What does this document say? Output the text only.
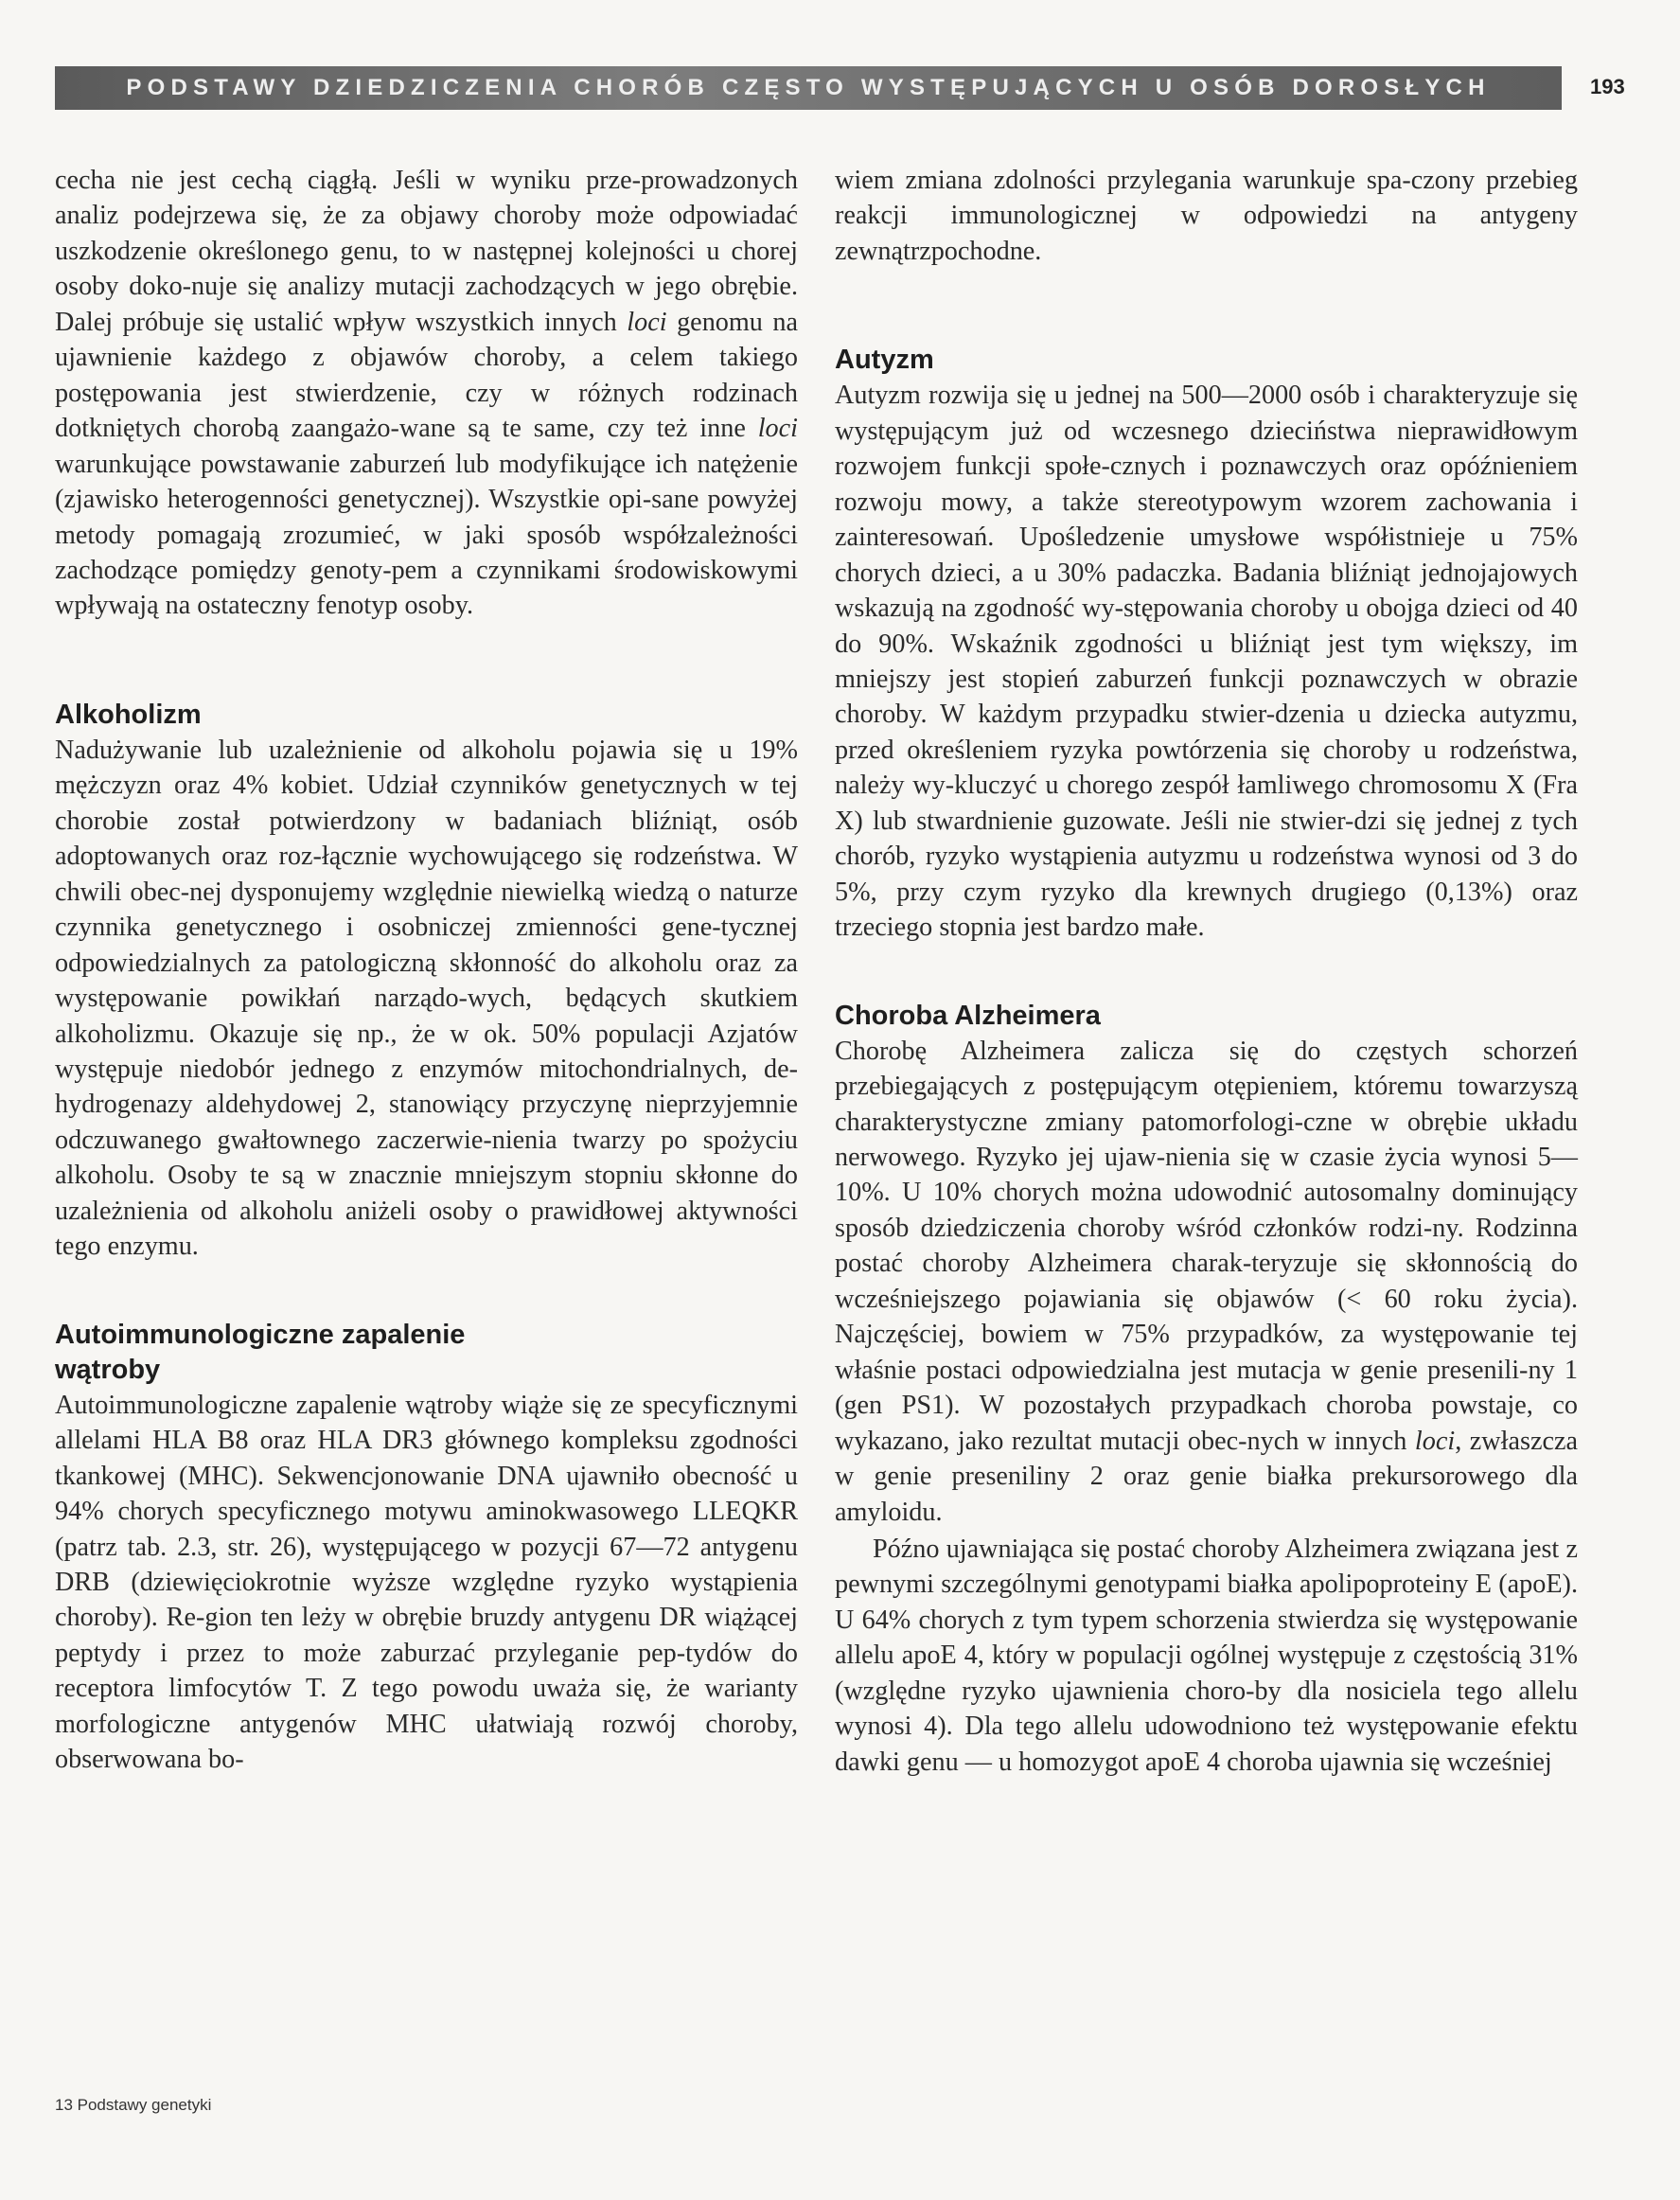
PODSTAWY DZIEDZICZENIA CHORÓB CZĘSTO WYSTĘPUJĄCYCH U OSÓB DOROSŁYCH	193

cecha nie jest cechą ciągłą. Jeśli w wyniku prze-prowadzonych analiz podejrzewa się, że za objawy choroby może odpowiadać uszkodzenie określonego genu, to w następnej kolejności u chorej osoby doko-nuje się analizy mutacji zachodzących w jego obrębie. Dalej próbuje się ustalić wpływ wszystkich innych loci genomu na ujawnienie każdego z objawów choroby, a celem takiego postępowania jest stwierdzenie, czy w różnych rodzinach dotkniętych chorobą zaangażo-wane są te same, czy też inne loci warunkujące powstawanie zaburzeń lub modyfikujące ich natężenie (zjawisko heterogenności genetycznej). Wszystkie opi-sane powyżej metody pomagają zrozumieć, w jaki sposób współzależności zachodzące pomiędzy genoty-pem a czynnikami środowiskowymi wpływają na ostateczny fenotyp osoby.

Alkoholizm

Nadużywanie lub uzależnienie od alkoholu pojawia się u 19% mężczyzn oraz 4% kobiet. Udział czynników genetycznych w tej chorobie został potwierdzony w badaniach bliźniąt, osób adoptowanych oraz roz-łącznie wychowującego się rodzeństwa. W chwili obec-nej dysponujemy względnie niewielką wiedzą o naturze czynnika genetycznego i osobniczej zmienności gene-tycznej odpowiedzialnych za patologiczną skłonność do alkoholu oraz za występowanie powikłań narządo-wych, będących skutkiem alkoholizmu. Okazuje się np., że w ok. 50% populacji Azjatów występuje niedobór jednego z enzymów mitochondrialnych, de-hydrogenazy aldehydowej 2, stanowiący przyczynę nieprzyjemnie odczuwanego gwałtownego zaczerwie-nienia twarzy po spożyciu alkoholu. Osoby te są w znacznie mniejszym stopniu skłonne do uzależnienia od alkoholu aniżeli osoby o prawidłowej aktywności tego enzymu.

Autoimmunologiczne zapalenie
wątroby

Autoimmunologiczne zapalenie wątroby wiąże się ze specyficznymi allelami HLA B8 oraz HLA DR3 głównego kompleksu zgodności tkankowej (MHC). Sekwencjonowanie DNA ujawniło obecność u 94% chorych specyficznego motywu aminokwasowego LLEQKR (patrz tab. 2.3, str. 26), występującego w pozycji 67—72 antygenu DRB (dziewięciokrotnie wyższe względne ryzyko wystąpienia choroby). Re-gion ten leży w obrębie bruzdy antygenu DR wiążącej peptydy i przez to może zaburzać przyleganie pep-tydów do receptora limfocytów T. Z tego powodu uważa się, że warianty morfologiczne antygenów MHC ułatwiają rozwój choroby, obserwowana bo-

wiem zmiana zdolności przylegania warunkuje spa-czony przebieg reakcji immunologicznej w odpowiedzi na antygeny zewnątrzpochodne.

Autyzm

Autyzm rozwija się u jednej na 500—2000 osób i charakteryzuje się występującym już od wczesnego dzieciństwa nieprawidłowym rozwojem funkcji społe-cznych i poznawczych oraz opóźnieniem rozwoju mowy, a także stereotypowym wzorem zachowania i zainteresowań. Upośledzenie umysłowe współistnieje u 75% chorych dzieci, a u 30% padaczka. Badania bliźniąt jednojajowych wskazują na zgodność wy-stępowania choroby u obojga dzieci od 40 do 90%. Wskaźnik zgodności u bliźniąt jest tym większy, im mniejszy jest stopień zaburzeń funkcji poznawczych w obrazie choroby. W każdym przypadku stwier-dzenia u dziecka autyzmu, przed określeniem ryzyka powtórzenia się choroby u rodzeństwa, należy wy-kluczyć u chorego zespół łamliwego chromosomu X (Fra X) lub stwardnienie guzowate. Jeśli nie stwier-dzi się jednej z tych chorób, ryzyko wystąpienia autyzmu u rodzeństwa wynosi od 3 do 5%, przy czym ryzyko dla krewnych drugiego (0,13%) oraz trzeciego stopnia jest bardzo małe.

Choroba Alzheimera

Chorobę Alzheimera zalicza się do częstych schorzeń przebiegających z postępującym otępieniem, któremu towarzyszą charakterystyczne zmiany patomorfologi-czne w obrębie układu nerwowego. Ryzyko jej ujaw-nienia się w czasie życia wynosi 5—10%. U 10% chorych można udowodnić autosomalny dominujący sposób dziedziczenia choroby wśród członków rodzi-ny. Rodzinna postać choroby Alzheimera charak-teryzuje się skłonnością do wcześniejszego pojawiania się objawów (< 60 roku życia). Najczęściej, bowiem w 75% przypadków, za występowanie tej właśnie postaci odpowiedzialna jest mutacja w genie presenili-ny 1 (gen PS1). W pozostałych przypadkach choroba powstaje, co wykazano, jako rezultat mutacji obec-nych w innych loci, zwłaszcza w genie preseniliny 2 oraz genie białka prekursorowego dla amyloidu.

Późno ujawniająca się postać choroby Alzheimera związana jest z pewnymi szczególnymi genotypami białka apolipoproteiny E (apoE). U 64% chorych z tym typem schorzenia stwierdza się występowanie allelu apoE 4, który w populacji ogólnej występuje z częstością 31% (względne ryzyko ujawnienia choro-by dla nosiciela tego allelu wynosi 4). Dla tego allelu udowodniono też występowanie efektu dawki genu — u homozygot apoE 4 choroba ujawnia się wcześniej

13 Podstawy genetyki
